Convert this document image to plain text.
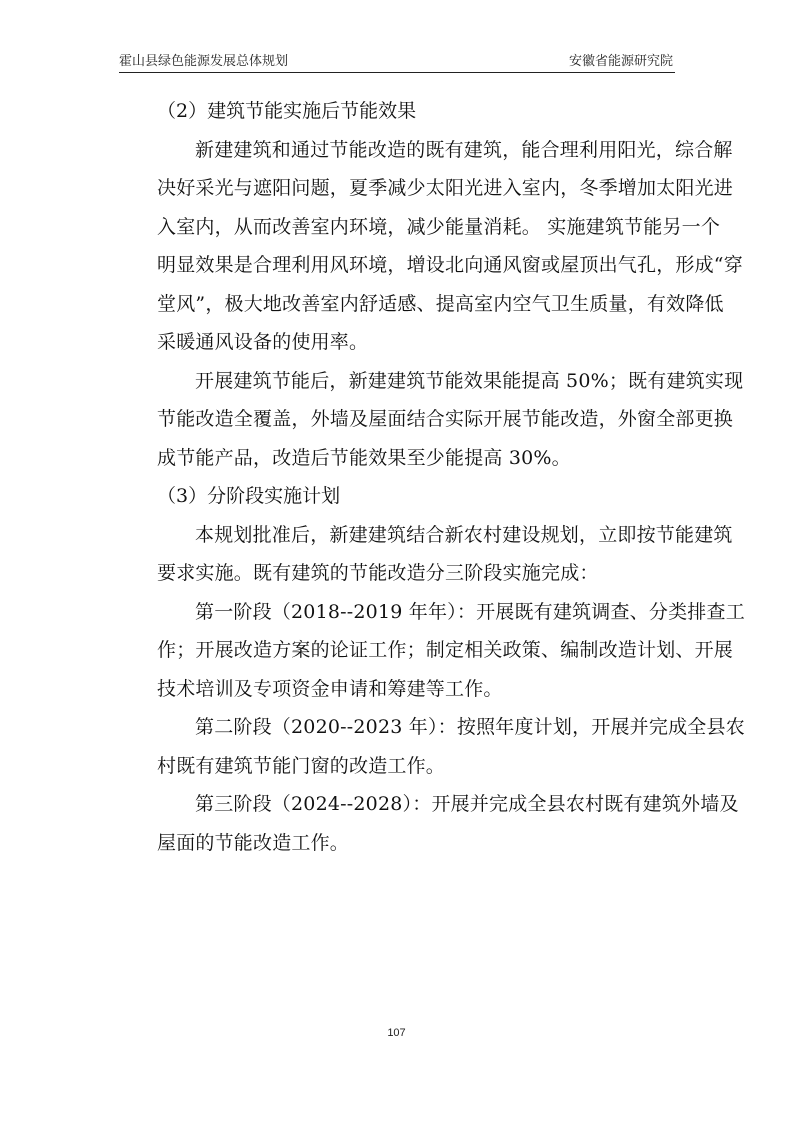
霍山县绿色能源发展总体规划	安徽省能源研究院
（2）建筑节能实施后节能效果
新建建筑和通过节能改造的既有建筑，能合理利用阳光，综合解
决好采光与遮阳问题，夏季减少太阳光进入室内，冬季增加太阳光进
入室内，从而改善室内环境，减少能量消耗。 实施建筑节能另一个
明显效果是合理利用风环境，增设北向通风窗或屋顶出气孔，形成“穿
堂风”，极大地改善室内舒适感、提高室内空气卫生质量，有效降低
采暖通风设备的使用率。
开展建筑节能后，新建建筑节能效果能提高 50%；既有建筑实现
节能改造全覆盖，外墙及屋面结合实际开展节能改造，外窗全部更换
成节能产品，改造后节能效果至少能提高 30%。
（3）分阶段实施计划
本规划批准后，新建建筑结合新农村建设规划，立即按节能建筑
要求实施。既有建筑的节能改造分三阶段实施完成：
第一阶段（2018--2019 年年）：开展既有建筑调查、分类排查工
作；开展改造方案的论证工作；制定相关政策、编制改造计划、开展
技术培训及专项资金申请和筹建等工作。
第二阶段（2020--2023 年）：按照年度计划，开展并完成全县农
村既有建筑节能门窗的改造工作。
第三阶段（2024--2028）：开展并完成全县农村既有建筑外墙及
屋面的节能改造工作。
107
